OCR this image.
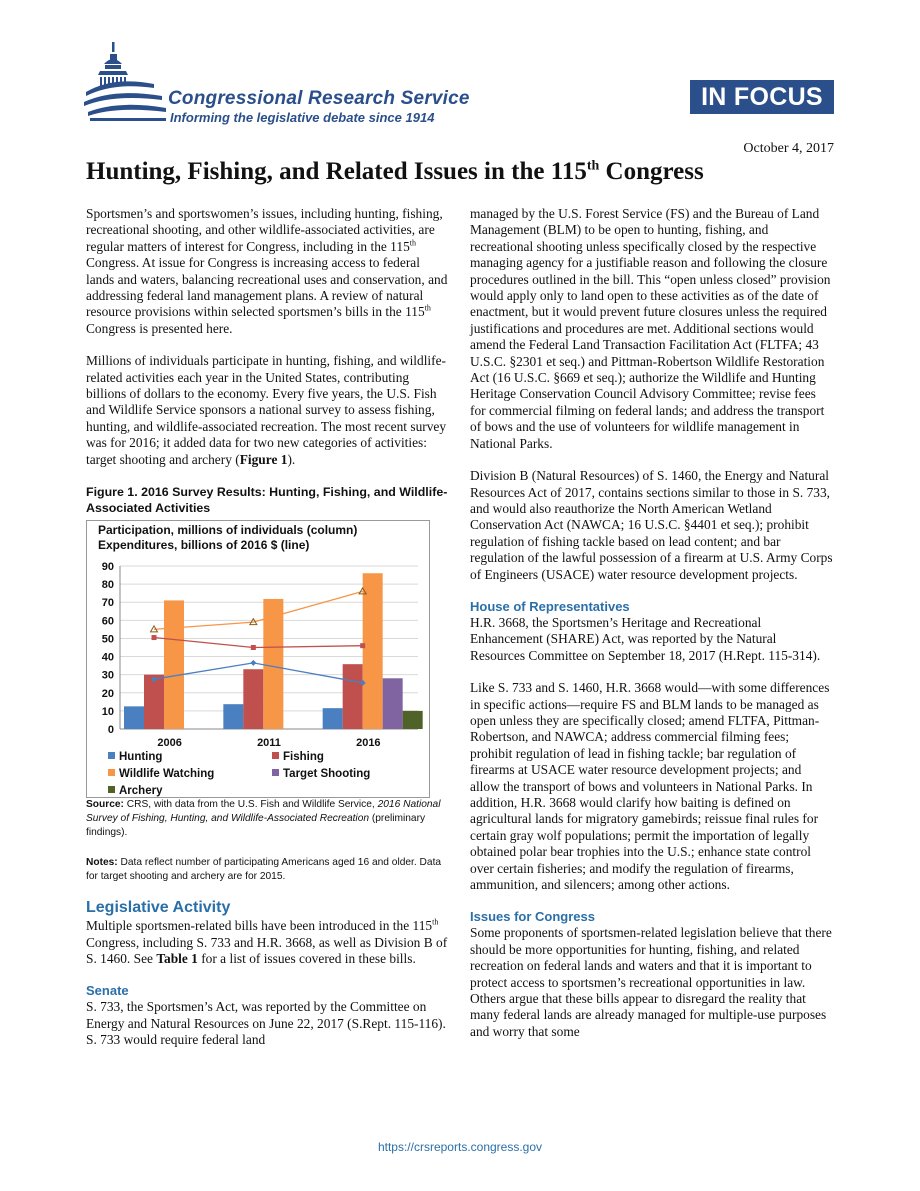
Congressional Research Service
Informing the legislative debate since 1914
IN FOCUS
October 4, 2017
Hunting, Fishing, and Related Issues in the 115th Congress

Sportsmen’s and sportswomen’s issues, including hunting, fishing, recreational shooting, and other wildlife-associated activities, are regular matters of interest for Congress, including in the 115th Congress. At issue for Congress is increasing access to federal lands and waters, balancing recreational uses and conservation, and addressing federal land management plans. A review of natural resource provisions within selected sportsmen’s bills in the 115th Congress is presented here.

Millions of individuals participate in hunting, fishing, and wildlife-related activities each year in the United States, contributing billions of dollars to the economy. Every five years, the U.S. Fish and Wildlife Service sponsors a national survey to assess fishing, hunting, and wildlife-associated recreation. The most recent survey was for 2016; it added data for two new categories of activities: target shooting and archery (Figure 1).

Figure 1. 2016 Survey Results: Hunting, Fishing, and Wildlife-Associated Activities
Participation, millions of individuals (column)
Expenditures, billions of 2016 $ (line)
0
10
20
30
40
50
60
70
80
90
2006	2011	2016
Hunting	Fishing
Wildlife Watching	Target Shooting
Archery

Source: CRS, with data from the U.S. Fish and Wildlife Service, 2016 National Survey of Fishing, Hunting, and Wildlife-Associated Recreation (preliminary findings).

Notes: Data reflect number of participating Americans aged 16 and older. Data for target shooting and archery are for 2015.

Legislative Activity

Multiple sportsmen-related bills have been introduced in the 115th Congress, including S. 733 and H.R. 3668, as well as Division B of S. 1460. See Table 1 for a list of issues covered in these bills.

Senate

S. 733, the Sportsmen’s Act, was reported by the Committee on Energy and Natural Resources on June 22, 2017 (S.Rept. 115-116). S. 733 would require federal land

managed by the U.S. Forest Service (FS) and the Bureau of Land Management (BLM) to be open to hunting, fishing, and recreational shooting unless specifically closed by the respective managing agency for a justifiable reason and following the closure procedures outlined in the bill. This “open unless closed” provision would apply only to land open to these activities as of the date of enactment, but it would prevent future closures unless the required justifications and procedures are met. Additional sections would amend the Federal Land Transaction Facilitation Act (FLTFA; 43 U.S.C. §2301 et seq.) and Pittman-Robertson Wildlife Restoration Act (16 U.S.C. §669 et seq.); authorize the Wildlife and Hunting Heritage Conservation Council Advisory Committee; revise fees for commercial filming on federal lands; and address the transport of bows and the use of volunteers for wildlife management in National Parks.

Division B (Natural Resources) of S. 1460, the Energy and Natural Resources Act of 2017, contains sections similar to those in S. 733, and would also reauthorize the North American Wetland Conservation Act (NAWCA; 16 U.S.C. §4401 et seq.); prohibit regulation of fishing tackle based on lead content; and bar regulation of the lawful possession of a firearm at U.S. Army Corps of Engineers (USACE) water resource development projects.

House of Representatives

H.R. 3668, the Sportsmen’s Heritage and Recreational Enhancement (SHARE) Act, was reported by the Natural Resources Committee on September 18, 2017 (H.Rept. 115-314).

Like S. 733 and S. 1460, H.R. 3668 would—with some differences in specific actions—require FS and BLM lands to be managed as open unless they are specifically closed; amend FLTFA, Pittman-Robertson, and NAWCA; address commercial filming fees; prohibit regulation of lead in fishing tackle; bar regulation of firearms at USACE water resource development projects; and allow the transport of bows and volunteers in National Parks. In addition, H.R. 3668 would clarify how baiting is defined on agricultural lands for migratory gamebirds; reissue final rules for certain gray wolf populations; permit the importation of legally obtained polar bear trophies into the U.S.; enhance state control over certain fisheries; and modify the regulation of firearms, ammunition, and silencers; among other actions.

Issues for Congress

Some proponents of sportsmen-related legislation believe that there should be more opportunities for hunting, fishing, and related recreation on federal lands and waters and that it is important to protect access to sportsmen’s recreational opportunities in law. Others argue that these bills appear to disregard the reality that many federal lands are already managed for multiple-use purposes and worry that some

https://crsreports.congress.gov
